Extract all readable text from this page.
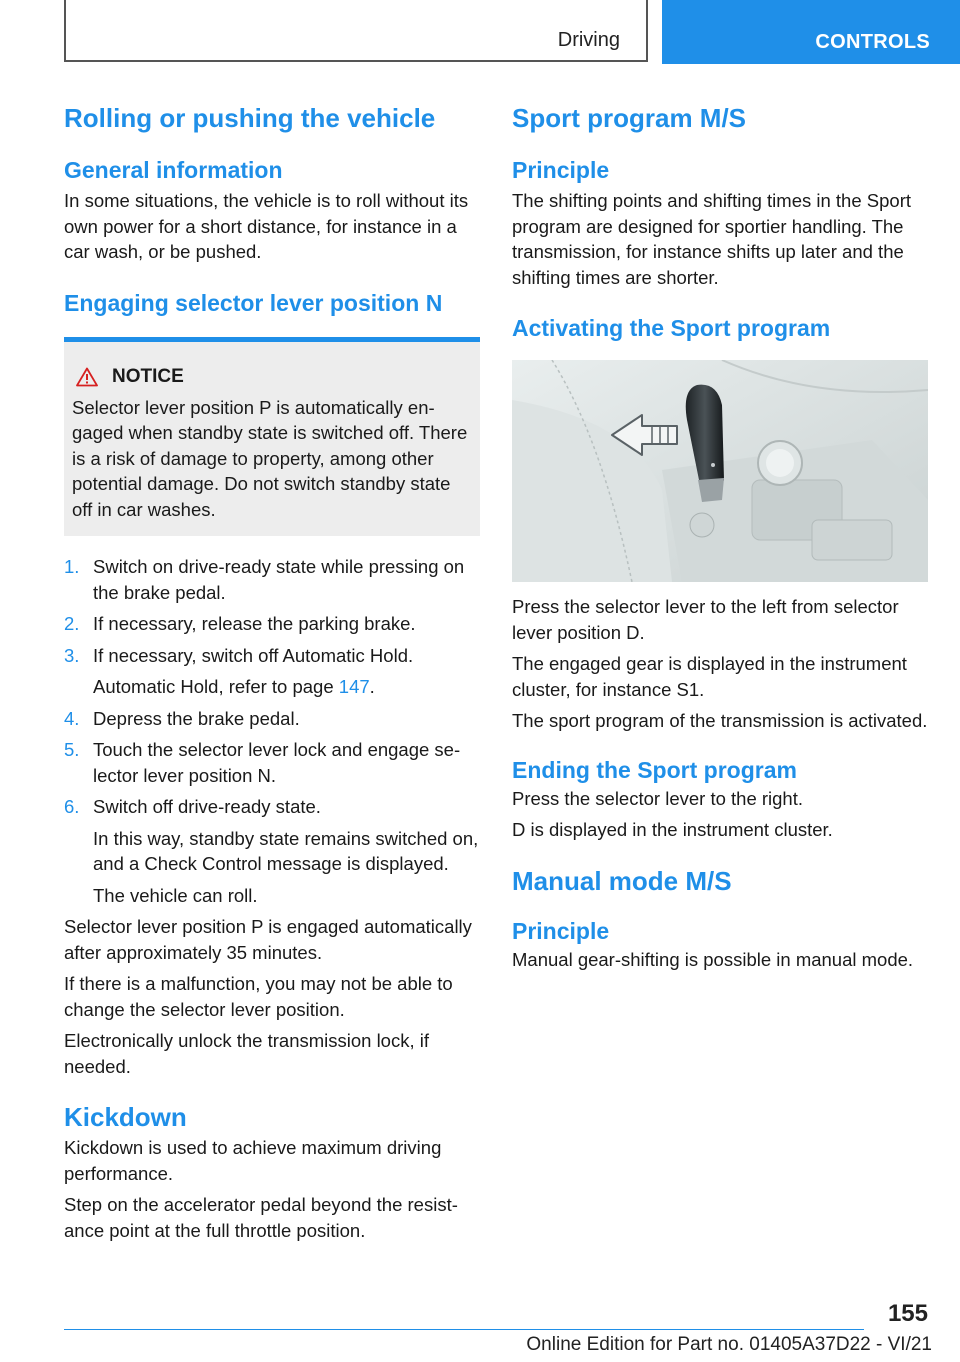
Driving	CONTROLS
Rolling or pushing the vehicle
General information

In some situations, the vehicle is to roll without its own power for a short distance, for instance in a car wash, or be pushed.

Engaging selector lever position N
NOTICE

Selector lever position P is automatically engaged when standby state is switched off. There is a risk of damage to property, among other potential damage. Do not switch standby state off in car washes.

1. Switch on drive-ready state while pressing on the brake pedal.

2. If necessary, release the parking brake.

3. If necessary, switch off Automatic Hold.

Automatic Hold, refer to page 147.

4. Depress the brake pedal.

5. Touch the selector lever lock and engage selector lever position N.

6. Switch off drive-ready state.

In this way, standby state remains switched on, and a Check Control message is displayed.

The vehicle can roll.

Selector lever position P is engaged automatically after approximately 35 minutes.

If there is a malfunction, you may not be able to change the selector lever position.

Electronically unlock the transmission lock, if needed.

Kickdown

Kickdown is used to achieve maximum driving performance.

Step on the accelerator pedal beyond the resistance point at the full throttle position.

Sport program M/S
Principle

The shifting points and shifting times in the Sport program are designed for sportier handling. The transmission, for instance shifts up later and the shifting times are shorter.

Activating the Sport program

Press the selector lever to the left from selector lever position D.

The engaged gear is displayed in the instrument cluster, for instance S1.

The sport program of the transmission is activated.

Ending the Sport program

Press the selector lever to the right.

D is displayed in the instrument cluster.

Manual mode M/S
Principle

Manual gear-shifting is possible in manual mode.

155
Online Edition for Part no. 01405A37D22 - VI/21
